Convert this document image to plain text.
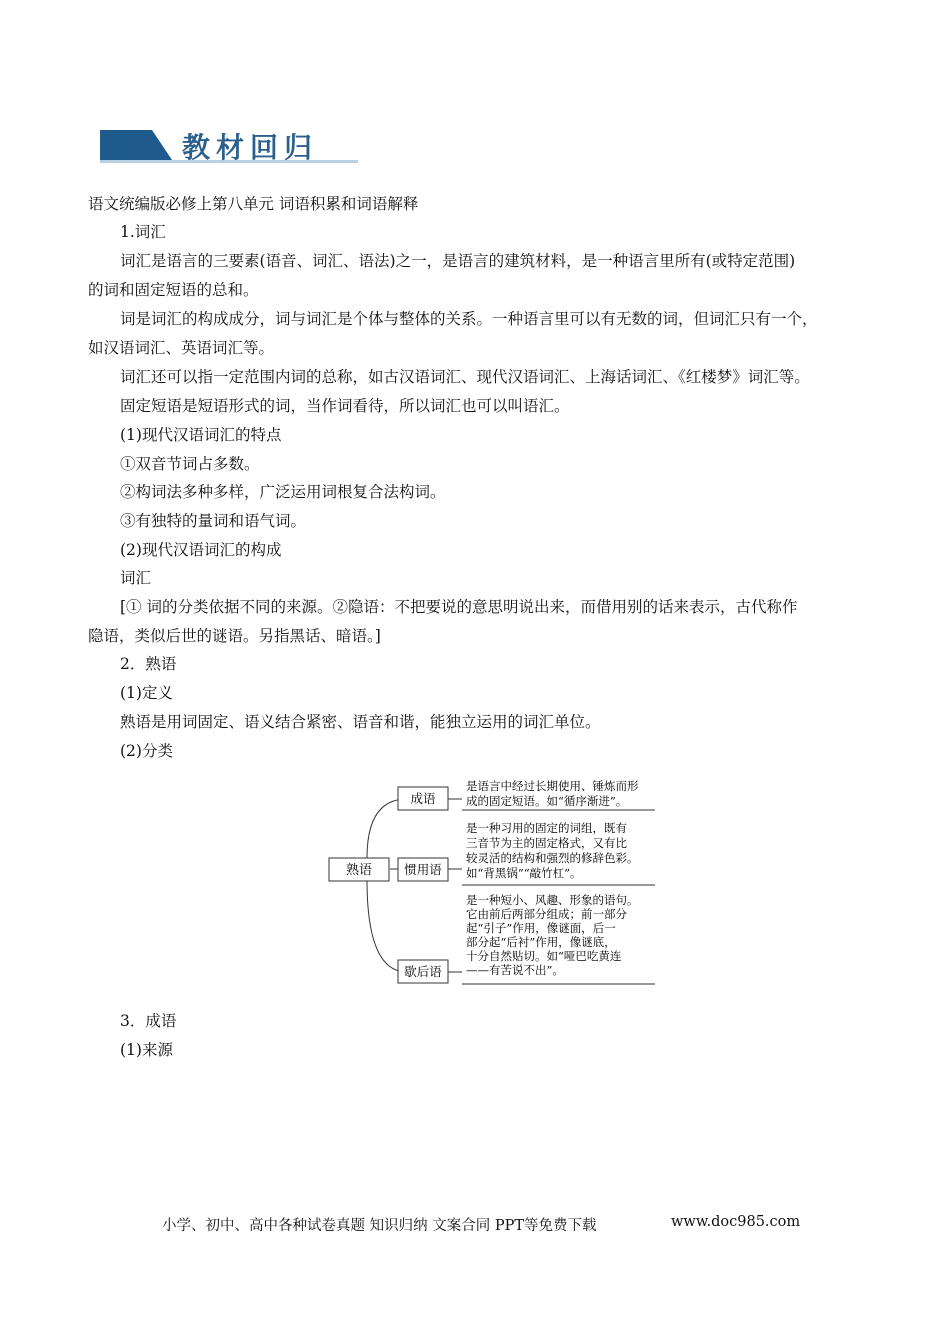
教材回归
语文统编版必修上第八单元 词语积累和词语解释
1.词汇
词汇是语言的三要素(语音、词汇、语法)之一，是语言的建筑材料，是一种语言里所有(或特定范围)
的词和固定短语的总和。
词是词汇的构成成分，词与词汇是个体与整体的关系。一种语言里可以有无数的词，但词汇只有一个，
如汉语词汇、英语词汇等。
词汇还可以指一定范围内词的总称，如古汉语词汇、现代汉语词汇、上海话词汇、《红楼梦》词汇等。
固定短语是短语形式的词，当作词看待，所以词汇也可以叫语汇。
(1)现代汉语词汇的特点
①双音节词占多数。
②构词法多种多样，广泛运用词根复合法构词。
③有独特的量词和语气词。
(2)现代汉语词汇的构成
词汇
[① 词的分类依据不同的来源。②隐语：不把要说的意思明说出来，而借用别的话来表示，古代称作
隐语，类似后世的谜语。另指黑话、暗语。]
2．熟语
(1)定义
熟语是用词固定、语义结合紧密、语音和谐，能独立运用的词汇单位。
(2)分类
熟语
成语
是语言中经过长期使用、锤炼而形 成的固定短语。如“循序渐进”。
惯用语
是一种习用的固定的词组，既有 三音节为主的固定格式，又有比 较灵活的结构和强烈的修辞色彩。 如“背黑锅”“敲竹杠”。
歇后语
是一种短小、风趣、形象的语句。 它由前后两部分组成；前一部分 起“引子”作用，像谜面，后一 部分起“后衬”作用，像谜底， 十分自然贴切。如“哑巴吃黄连 ——有苦说不出”。
3．成语
(1)来源
小学、初中、高中各种试卷真题 知识归纳 文案合同 PPT等免费下载	www.doc985.com
